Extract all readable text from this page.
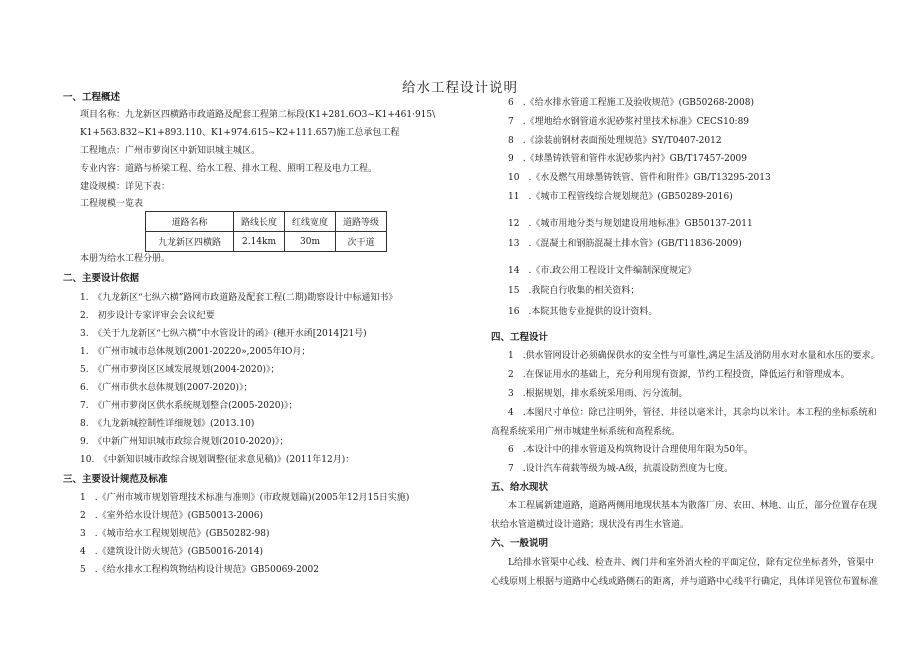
给水工程设计说明
一、工程概述
项目名称：九龙新区四横路市政道路及配套工程第二标段(K1+281.6O3~K1+461·915\
K1+563.832~K1+893.110、K1+974.615~K2+111.657)施工总承包工程
工程地点：广州市萝岗区中新知识城主城区。
专业内容：道路与桥梁工程、给水工程、排水工程、照明工程及电力工程。
建设规模：详见下表：
工程规模一览表
道路名称	路线长度	红线宽度	道路等级
九龙新区四横路	2.14km	30m	次干道
本册为给水工程分册。
二、主要设计依据
1.　《九龙新区“七纵六横”路网市政道路及配套工程(二期)勘察设计中标通知书》
2.　初步设计专家评审会会议纪要
3.　《关于九龙新区“七纵六横”中水管设计的函》(穗开水函[2014]21号)
1.　《广州市城市总体规划(2001-20220»,2005年IO月；
5.　《广州市萝岗区区域发展规划(2004-2020)》；
6.　《广州市供水总体规划(2007-2020)》；
7.　《广州市萝岗区供水系统规划整合(2005-2020)》；
8.　《九龙新城控制性详细规划》(2013.10)
9.　《中新广州知识城市政综合规划(2010-2020)》；
10.　《中新知识城市政综合规划调整(征求意见稿)》(2011年12月)：
三、主要设计规范及标准
1　.《广州市城市规划管理技术标准与准则》(市政规划篇)(2005年12月15日实施)
2　.《室外给水设计规范》(GB50013-2006)
3　.《城市给水工程规划规范》(GB50282-98)
4　.《建筑设计防火规范》(GB50016-2014)
5　.《给水排水工程构筑物结构设计规范》GB50069-2002
6　.《给水排水管道工程施工及验收规范》(GB50268-2008)
7　.《埋地给水钢管道水泥砂浆衬里技术标准》CECS10:89
8　.《涂装前钢材表面预处理规范》SY/T0407-2012
9　.《球墨铸铁管和管件水泥砂浆内衬》GB/T17457-2009
10　.《水及燃气用球墨铸铁管、管件和附件》GB/T13295-2013
11　.《城市工程管线综合规划规范》(GB50289-2016)
12　.《城市用地分类与规划建设用地标准》GB50137-2011
13　.《混凝土和钢筋混凝土排水管》(GB/T11836-2009)
14　.《市.政公用工程设计文件编制深度规定》
15　.我院自行收集的相关资料；
16　.本院其他专业提供的设计资料。
四、工程设计
1　.供水管网设计必须确保供水的安全性与可靠性,满足生活及消防用水对水量和水压的要求。
2　.在保证用水的基础上，充分利用现有资源，节约工程投资，降低运行和管理成本。
3　.根据规划，排水系统采用雨、污分流制。
4　.本图尺寸单位：除已注明外，管径、井径以毫米计，其余均以米计。本工程的坐标系统和
高程系统采用广州市城建坐标系统和高程系统。
6　.本设计中的排水管道及构筑物设计合理使用年限为50年。
7　.设计汽车荷载等级为城-A级，抗震设防烈度为七度。
五、给水现状
本工程属新建道路，道路两侧用地现状基本为散落厂房、农田、林地、山丘，部分位置存在现
状给水管道横过设计道路；现状没有再生水管道。
六、一般说明
L给排水管渠中心线、检查井、阀门井和室外消火栓的平面定位，除有定位坐标者外，管渠中
心线原则上根据与道路中心线或路侧石的距离，并与道路中心线平行确定，具体详见管位布置标准
